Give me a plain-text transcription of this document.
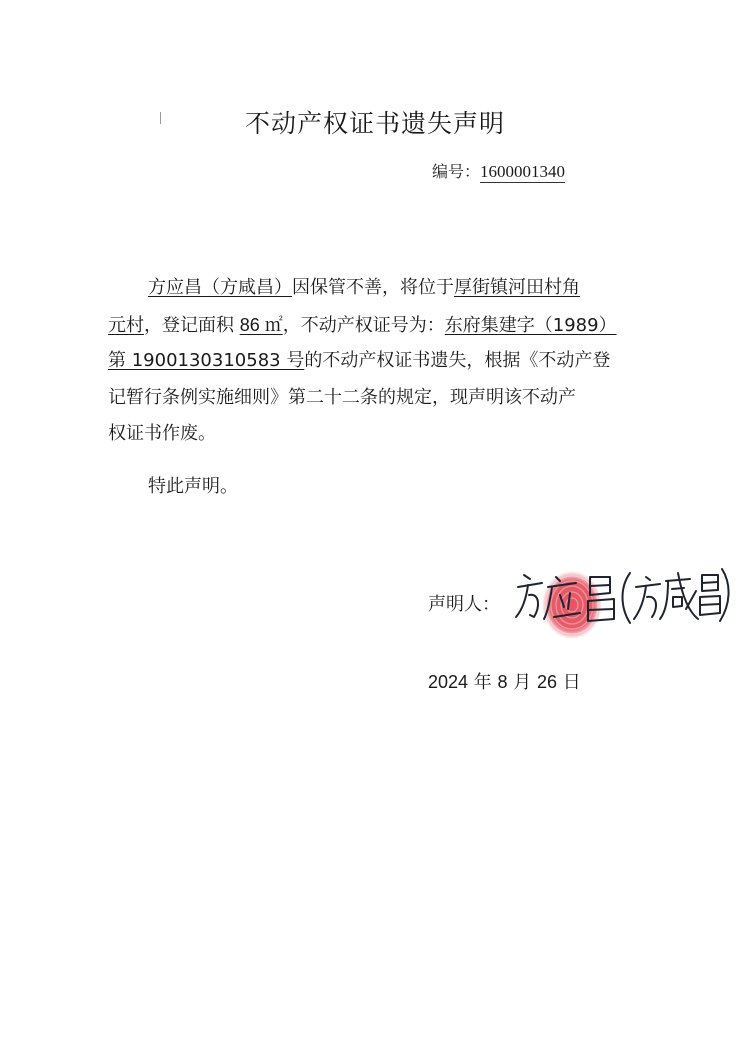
不动产权证书遗失声明
编号：1600001340
方应昌（方咸昌）因保管不善，将位于厚街镇河田村角
元村，登记面积 86 ㎡，不动产权证号为：东府集建字（1989）
第 1900130310583 号的不动产权证书遗失，根据《不动产登
记暂行条例实施细则》第二十二条的规定，现声明该不动产
权证书作废。
特此声明。
声明人：
2024 年 8 月 26 日
